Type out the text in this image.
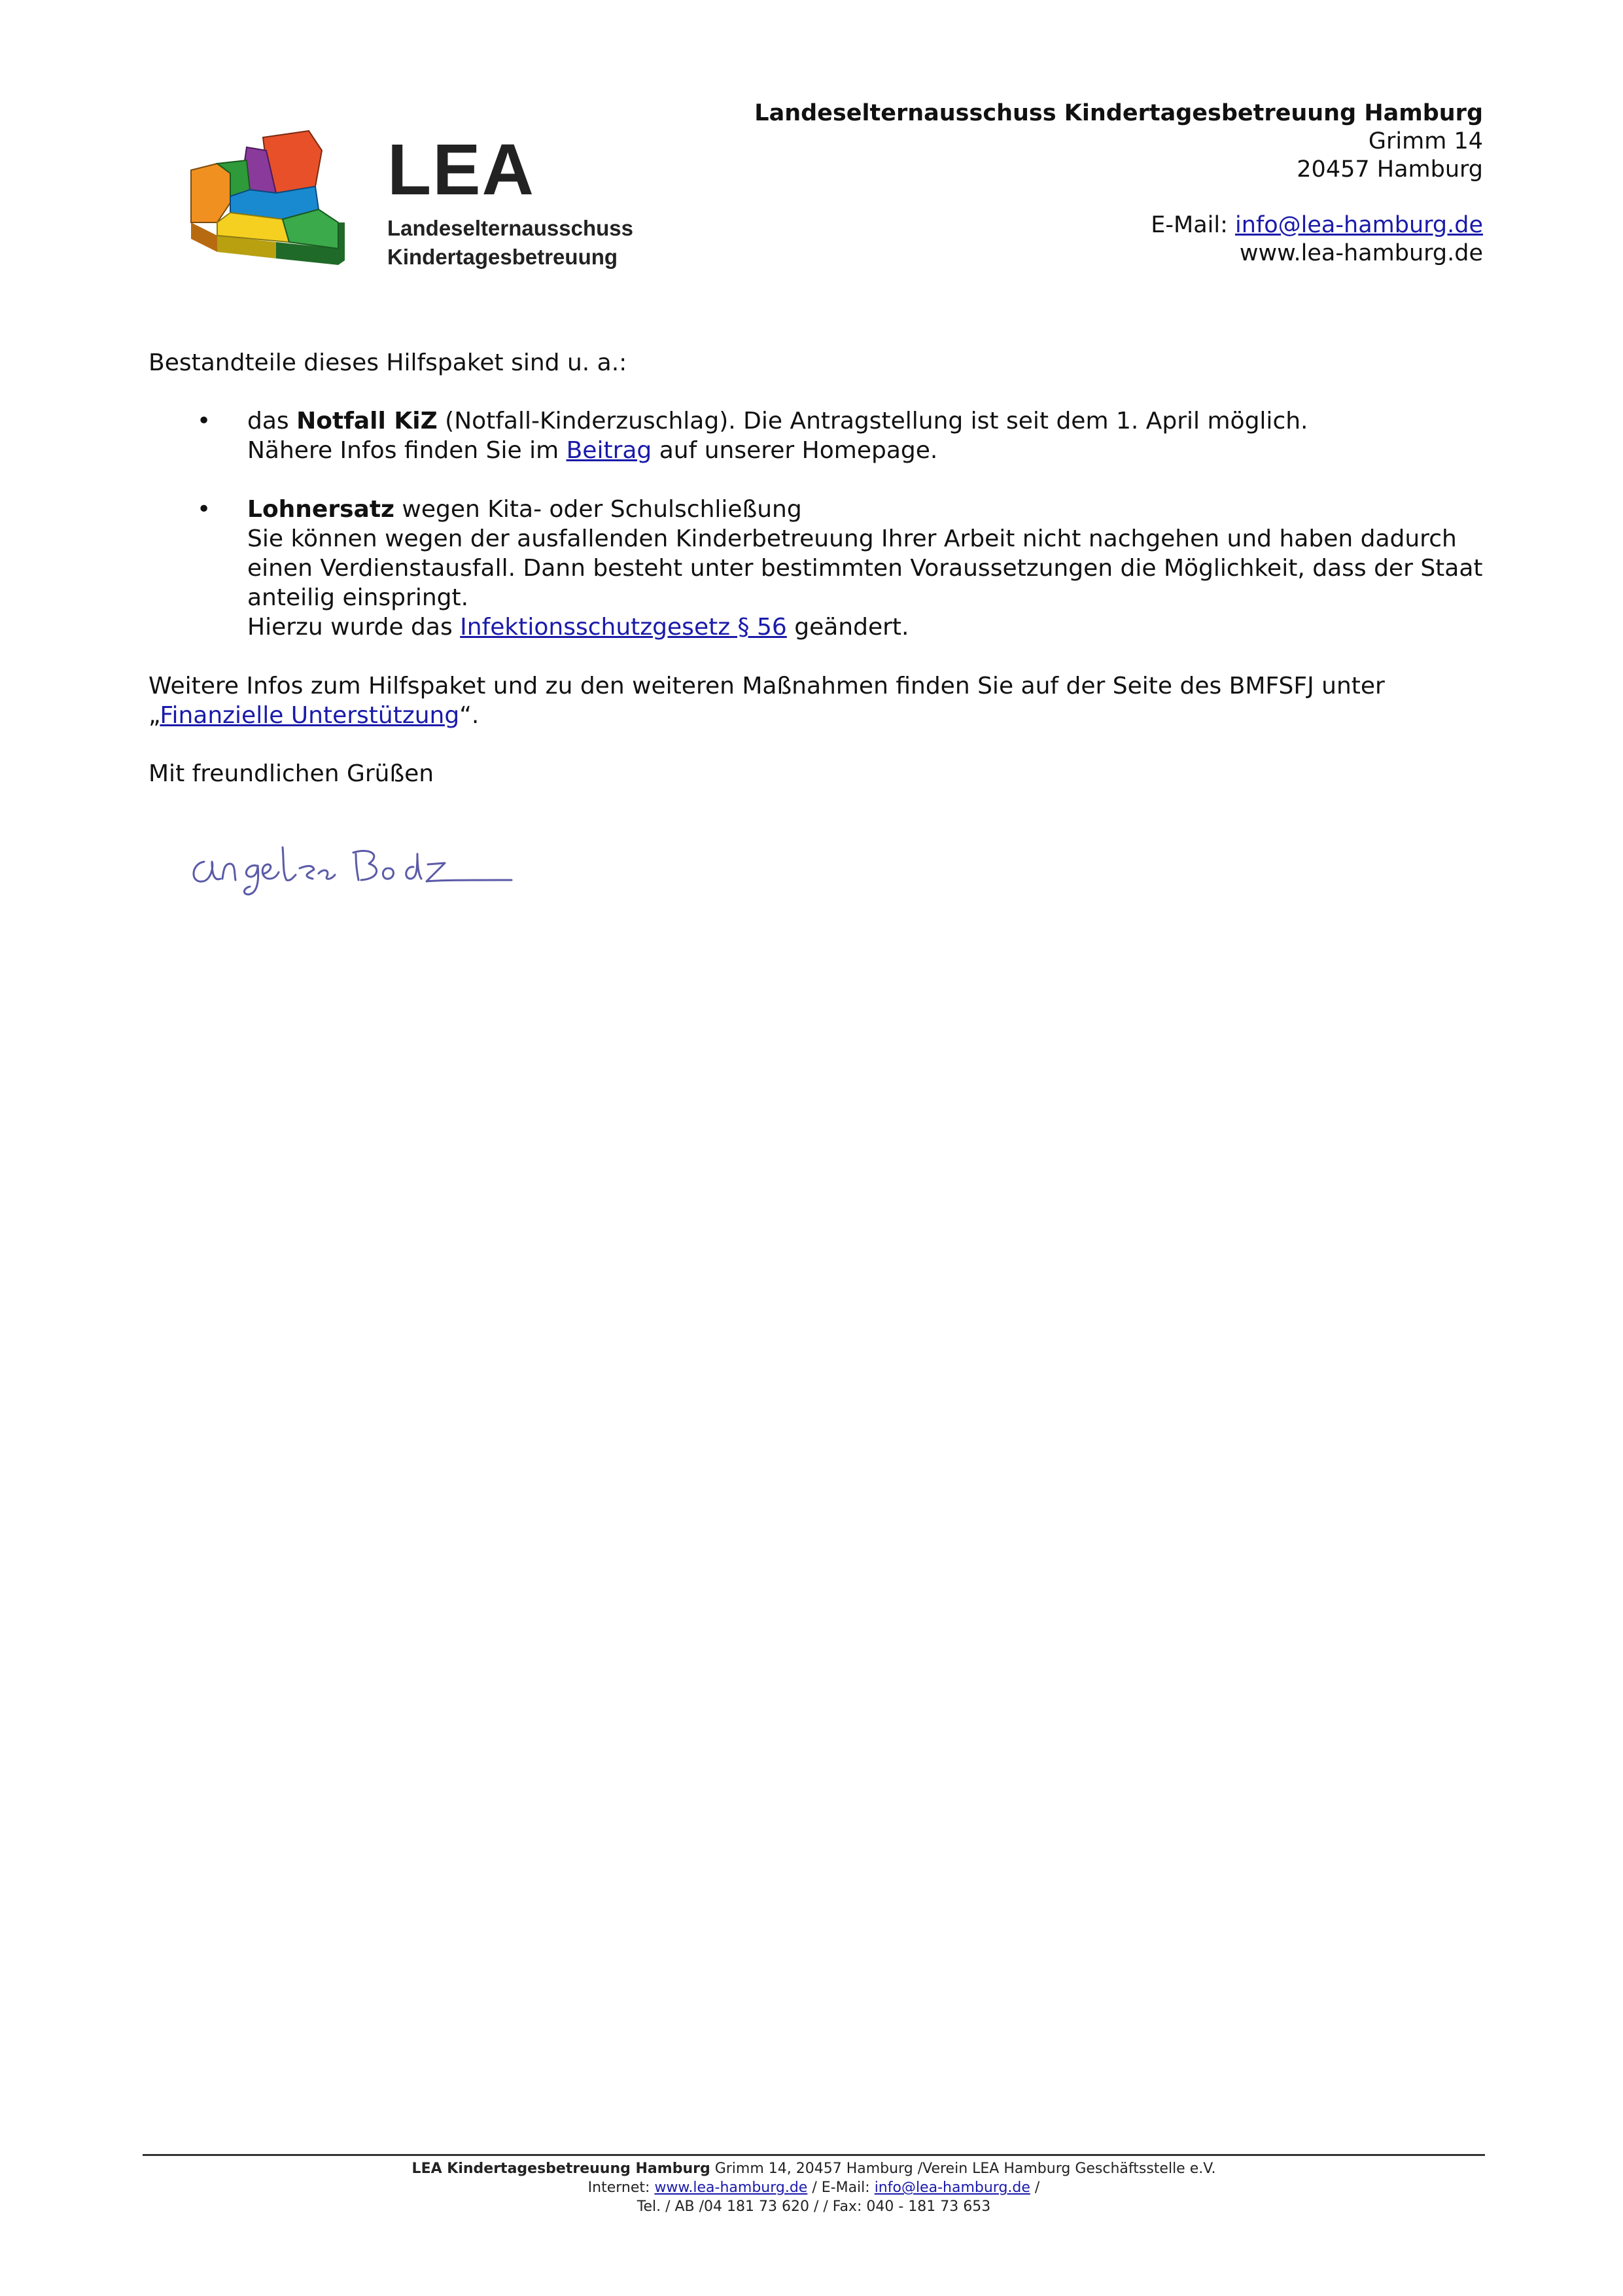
LEA
Landeselternausschuss
Kindertagesbetreuung
Landeselternausschuss Kindertagesbetreuung Hamburg
Grimm 14
20457 Hamburg
E-Mail: info@lea-hamburg.de
www.lea-hamburg.de

Bestandteile dieses Hilfspaket sind u. a.:

• das Notfall KiZ (Notfall-Kinderzuschlag). Die Antragstellung ist seit dem 1. April möglich.
Nähere Infos finden Sie im Beitrag auf unserer Homepage.
• Lohnersatz wegen Kita- oder Schulschließung
Sie können wegen der ausfallenden Kinderbetreuung Ihrer Arbeit nicht nachgehen und haben dadurch einen Verdienstausfall. Dann besteht unter bestimmten Voraussetzungen die Möglichkeit, dass der Staat anteilig einspringt.
Hierzu wurde das Infektionsschutzgesetz § 56 geändert.

Weitere Infos zum Hilfspaket und zu den weiteren Maßnahmen finden Sie auf der Seite des BMFSFJ unter
„Finanzielle Unterstützung“.

Mit freundlichen Grüßen

LEA Kindertagesbetreuung Hamburg Grimm 14, 20457 Hamburg /Verein LEA Hamburg Geschäftsstelle e.V.
Internet: www.lea-hamburg.de / E-Mail: info@lea-hamburg.de /
Tel. / AB /04 181 73 620 / / Fax: 040 - 181 73 653
